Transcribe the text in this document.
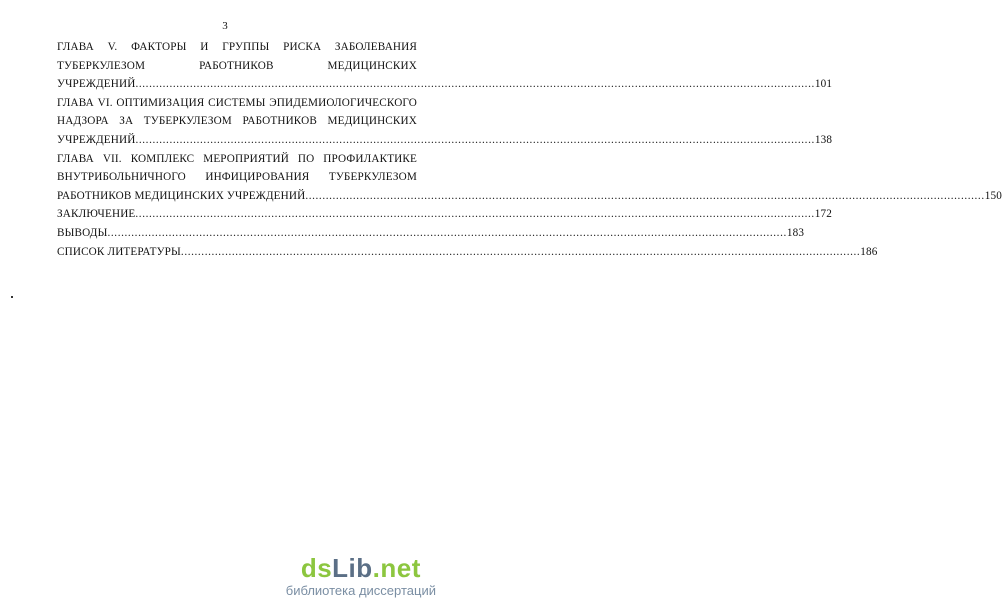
3
ГЛАВА V. ФАКТОРЫ И ГРУППЫ РИСКА ЗАБОЛЕВАНИЯ
ТУБЕРКУЛЕЗОМ РАБОТНИКОВ МЕДИЦИНСКИХ
УЧРЕЖДЕНИЙ ........................................................................................................................................................................................................ 101
ГЛАВА VI. ОПТИМИЗАЦИЯ СИСТЕМЫ ЭПИДЕМИОЛОГИЧЕСКОГО
НАДЗОРА ЗА ТУБЕРКУЛЕЗОМ РАБОТНИКОВ МЕДИЦИНСКИХ
УЧРЕЖДЕНИЙ ........................................................................................................................................................................................................ 138
ГЛАВА VII. КОМПЛЕКС МЕРОПРИЯТИЙ ПО ПРОФИЛАКТИКЕ
ВНУТРИБОЛЬНИЧНОГО ИНФИЦИРОВАНИЯ ТУБЕРКУЛЕЗОМ
РАБОТНИКОВ МЕДИЦИНСКИХ УЧРЕЖДЕНИЙ ........................................................................................................................................................................................................ 150
ЗАКЛЮЧЕНИЕ ........................................................................................................................................................................................................ 172
ВЫВОДЫ ........................................................................................................................................................................................................ 183
СПИСОК ЛИТЕРАТУРЫ ........................................................................................................................................................................................................ 186
dsLib.net
библиотека диссертаций
